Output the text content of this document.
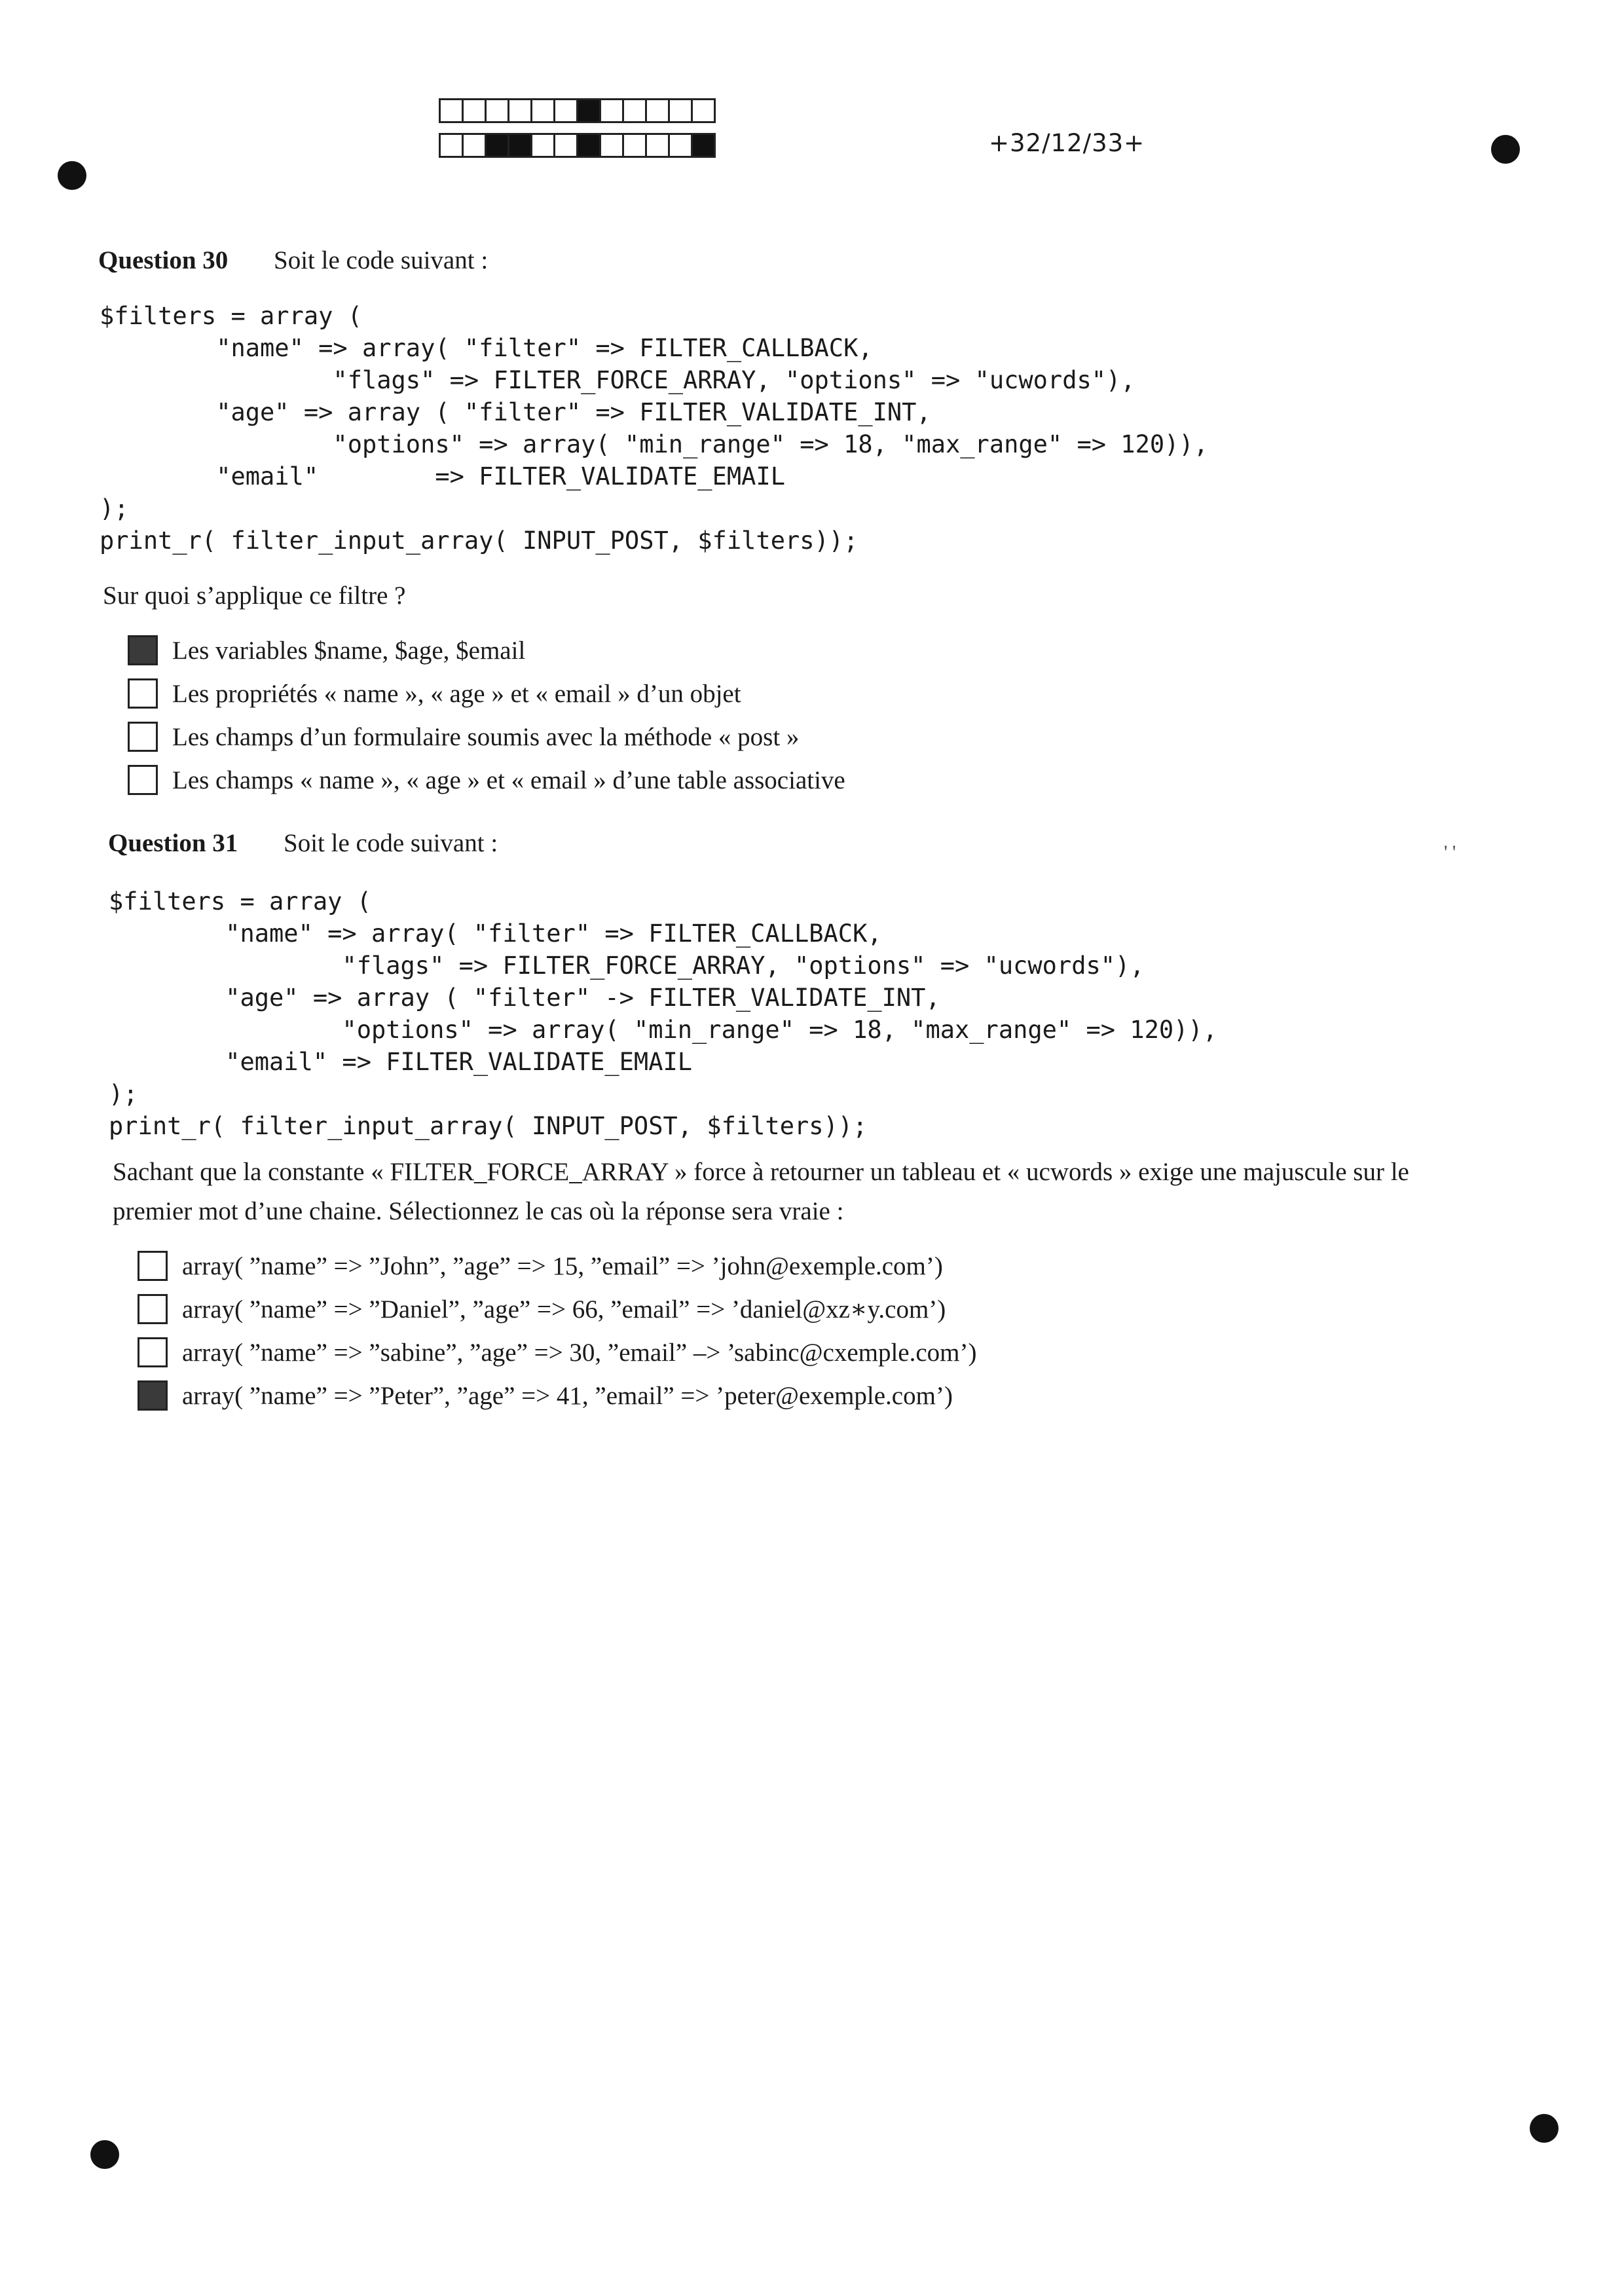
+32/12/33+
Question 30 Soit le code suivant :
$filters = array (
"name" => array( "filter" => FILTER_CALLBACK,
"flags" => FILTER_FORCE_ARRAY, "options" => "ucwords"),
"age" => array ( "filter" => FILTER_VALIDATE_INT,
"options" => array( "min_range" => 18, "max_range" => 120)),
"email"        => FILTER_VALIDATE_EMAIL
);
print_r( filter_input_array( INPUT_POST, $filters));
Sur quoi s’applique ce filtre ?
Les variables $name, $age, $email
Les propriétés « name », « age » et « email » d’un objet
Les champs d’un formulaire soumis avec la méthode « post »
Les champs « name », « age » et « email » d’une table associative
Question 31 Soit le code suivant :	' '
$filters = array (
"name" => array( "filter" => FILTER_CALLBACK,
"flags" => FILTER_FORCE_ARRAY, "options" => "ucwords"),
"age" => array ( "filter" -> FILTER_VALIDATE_INT,
"options" => array( "min_range" => 18, "max_range" => 120)),
"email" => FILTER_VALIDATE_EMAIL
);
print_r( filter_input_array( INPUT_POST, $filters));
Sachant que la constante « FILTER_FORCE_ARRAY » force à retourner un tableau et « ucwords » exige une majuscule sur le
premier mot d’une chaine. Sélectionnez le cas où la réponse sera vraie :
array( ”name” => ”John”, ”age” => 15, ”email” => ’john@exemple.com’)
array( ”name” => ”Daniel”, ”age” => 66, ”email” => ’daniel@xz∗y.com’)
array( ”name” => ”sabine”, ”age” => 30, ”email” –> ’sabinc@cxemple.com’)
array( ”name” => ”Peter”, ”age” => 41, ”email” => ’peter@exemple.com’)
